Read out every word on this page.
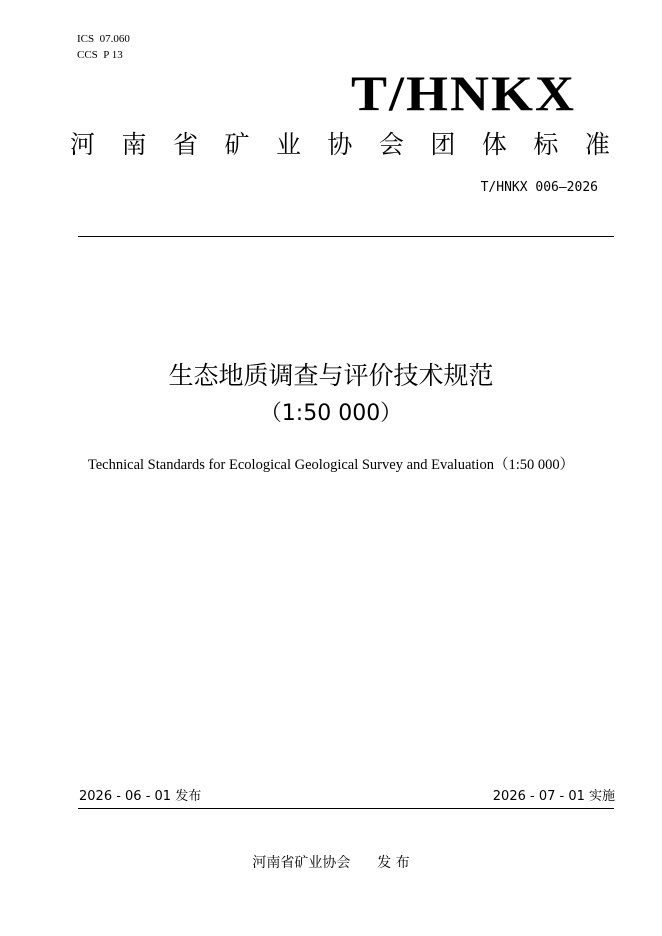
ICS  07.060
CCS  P 13
T/HNKX
河 南 省 矿 业 协 会 团 体 标 准
T/HNKX 006—2026
生态地质调查与评价技术规范
（1:50 000）
Technical Standards for Ecological Geological Survey and Evaluation（1:50 000）
2026 - 06 - 01 发布	2026 - 07 - 01 实施
河南省矿业协会      发 布
